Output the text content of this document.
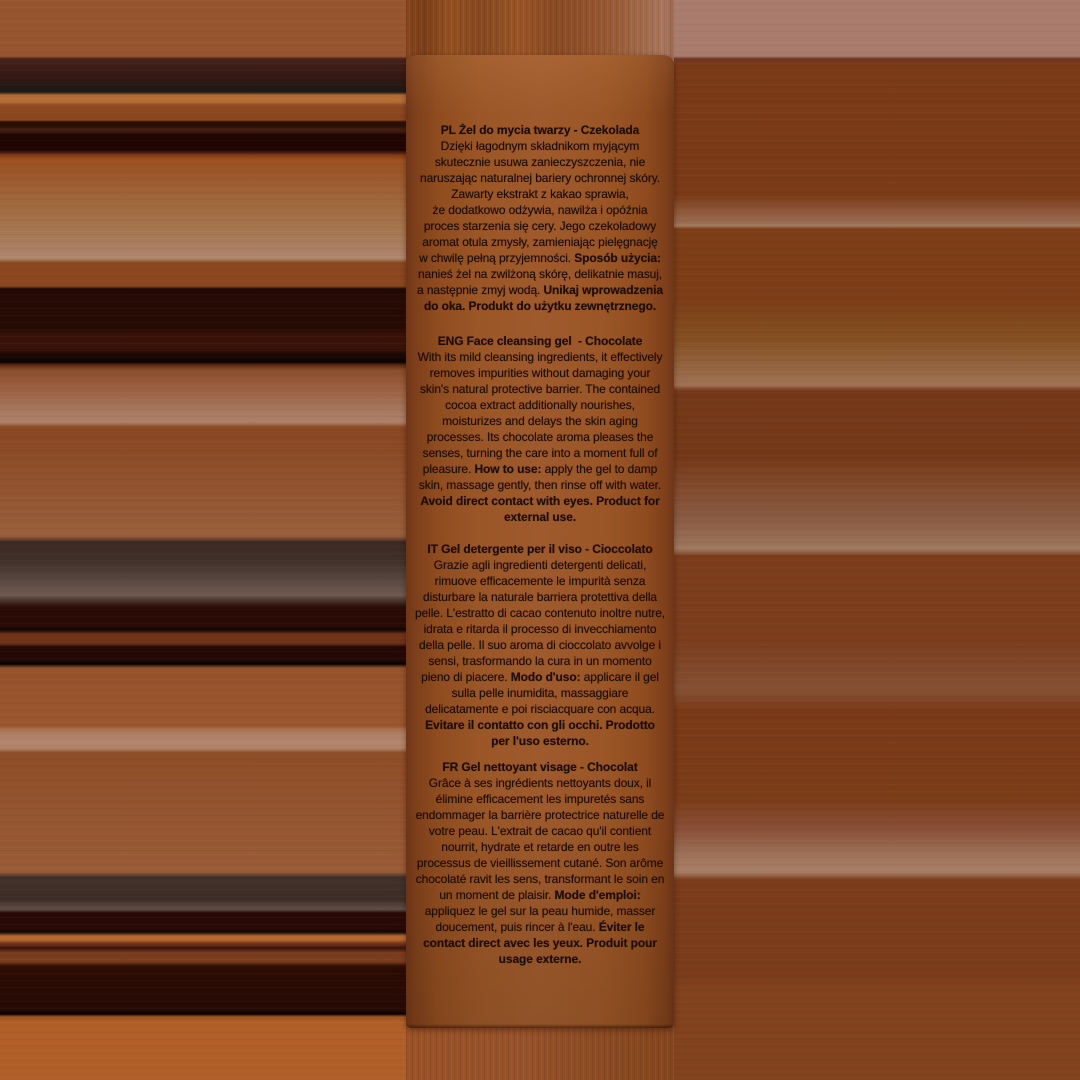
PL Żel do mycia twarzy - Czekolada
Dzięki łagodnym składnikom myjącym
skutecznie usuwa zanieczyszczenia, nie
naruszając naturalnej bariery ochronnej skóry.
Zawarty ekstrakt z kakao sprawia,
że dodatkowo odżywia, nawilża i opóźnia
proces starzenia się cery. Jego czekoladowy
aromat otula zmysły, zamieniając pielęgnację
w chwilę pełną przyjemności. Sposób użycia:
nanieś żel na zwilżoną skórę, delikatnie masuj,
a następnie zmyj wodą. Unikaj wprowadzenia
do oka. Produkt do użytku zewnętrznego.
ENG Face cleansing gel  - Chocolate
With its mild cleansing ingredients, it effectively
removes impurities without damaging your
skin's natural protective barrier. The contained
cocoa extract additionally nourishes,
moisturizes and delays the skin aging
processes. Its chocolate aroma pleases the
senses, turning the care into a moment full of
pleasure. How to use: apply the gel to damp
skin, massage gently, then rinse off with water.
Avoid direct contact with eyes. Product for
external use.
IT Gel detergente per il viso - Cioccolato
Grazie agli ingredienti detergenti delicati,
rimuove efficacemente le impurità senza
disturbare la naturale barriera protettiva della
pelle. L'estratto di cacao contenuto inoltre nutre,
idrata e ritarda il processo di invecchiamento
della pelle. Il suo aroma di cioccolato avvolge i
sensi, trasformando la cura in un momento
pieno di piacere. Modo d'uso: applicare il gel
sulla pelle inumidita, massaggiare
delicatamente e poi risciacquare con acqua.
Evitare il contatto con gli occhi. Prodotto
per l'uso esterno.
FR Gel nettoyant visage - Chocolat
Grâce à ses ingrédients nettoyants doux, il
élimine efficacement les impuretés sans
endommager la barrière protectrice naturelle de
votre peau. L'extrait de cacao qu'il contient
nourrit, hydrate et retarde en outre les
processus de vieillissement cutané. Son arôme
chocolaté ravit les sens, transformant le soin en
un moment de plaisir. Mode d'emploi:
appliquez le gel sur la peau humide, masser
doucement, puis rincer à l'eau. Éviter le
contact direct avec les yeux. Produit pour
usage externe.
